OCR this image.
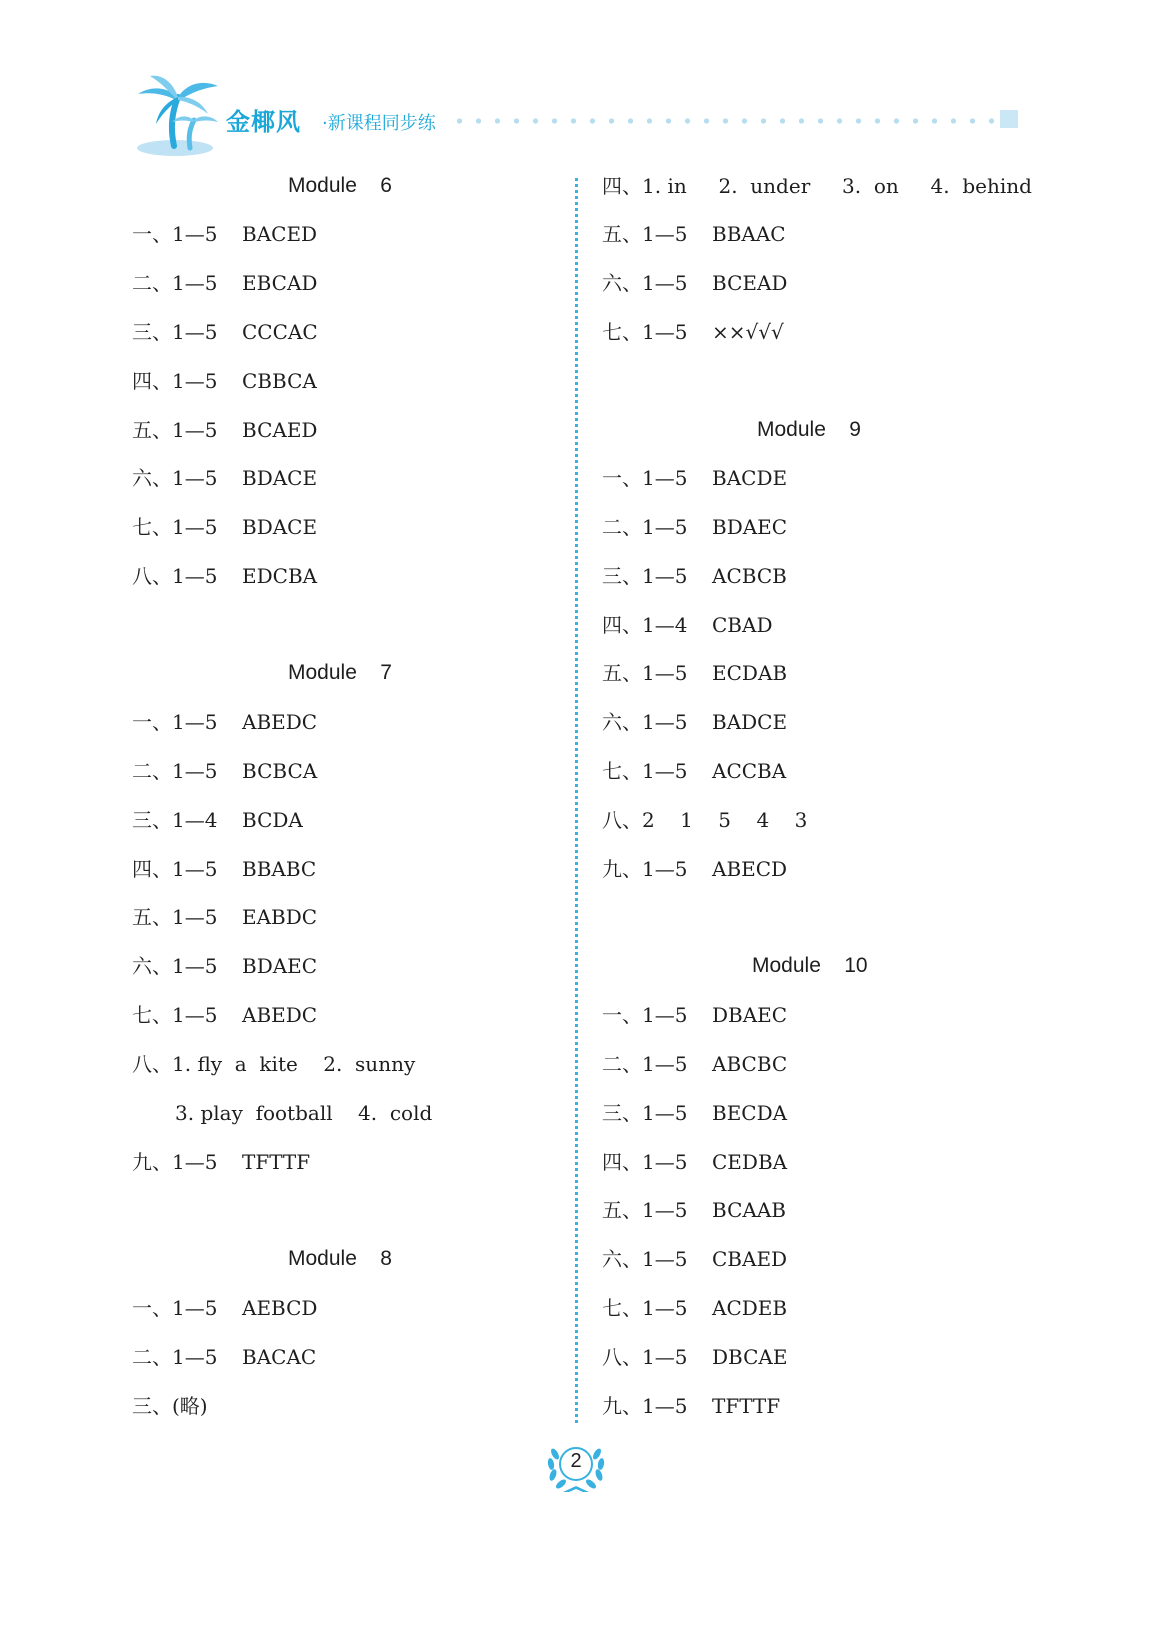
金椰风 ·新课程同步练
Module    6
一、1—5 BACED
二、1—5 EBCAD
三、1—5 CCCAC
四、1—5 CBBCA
五、1—5 BCAED
六、1—5 BDACE
七、1—5 BDACE
八、1—5 EDCBA
Module    7
一、1—5 ABEDC
二、1—5 BCBCA
三、1—4 BCDA
四、1—5 BBABC
五、1—5 EABDC
六、1—5 BDAEC
七、1—5 ABEDC
八、1. fly  a  kite    2.  sunny
3. play  football    4.  cold
九、1—5 TFTTF
Module    8
一、1—5 AEBCD
二、1—5 BACAC
三、(略)
四、1. in     2.  under     3.  on     4.  behind
五、1—5 BBAAC
六、1—5 BCEAD
七、1—5 ××√√√
Module    9
一、1—5 BACDE
二、1—5 BDAEC
三、1—5 ACBCB
四、1—4 CBAD
五、1—5 ECDAB
六、1—5 BADCE
七、1—5 ACCBA
八、2    1    5    4    3
九、1—5 ABECD
Module    10
一、1—5 DBAEC
二、1—5 ABCBC
三、1—5 BECDA
四、1—5 CEDBA
五、1—5 BCAAB
六、1—5 CBAED
七、1—5 ACDEB
八、1—5 DBCAE
九、1—5 TFTTF
2
